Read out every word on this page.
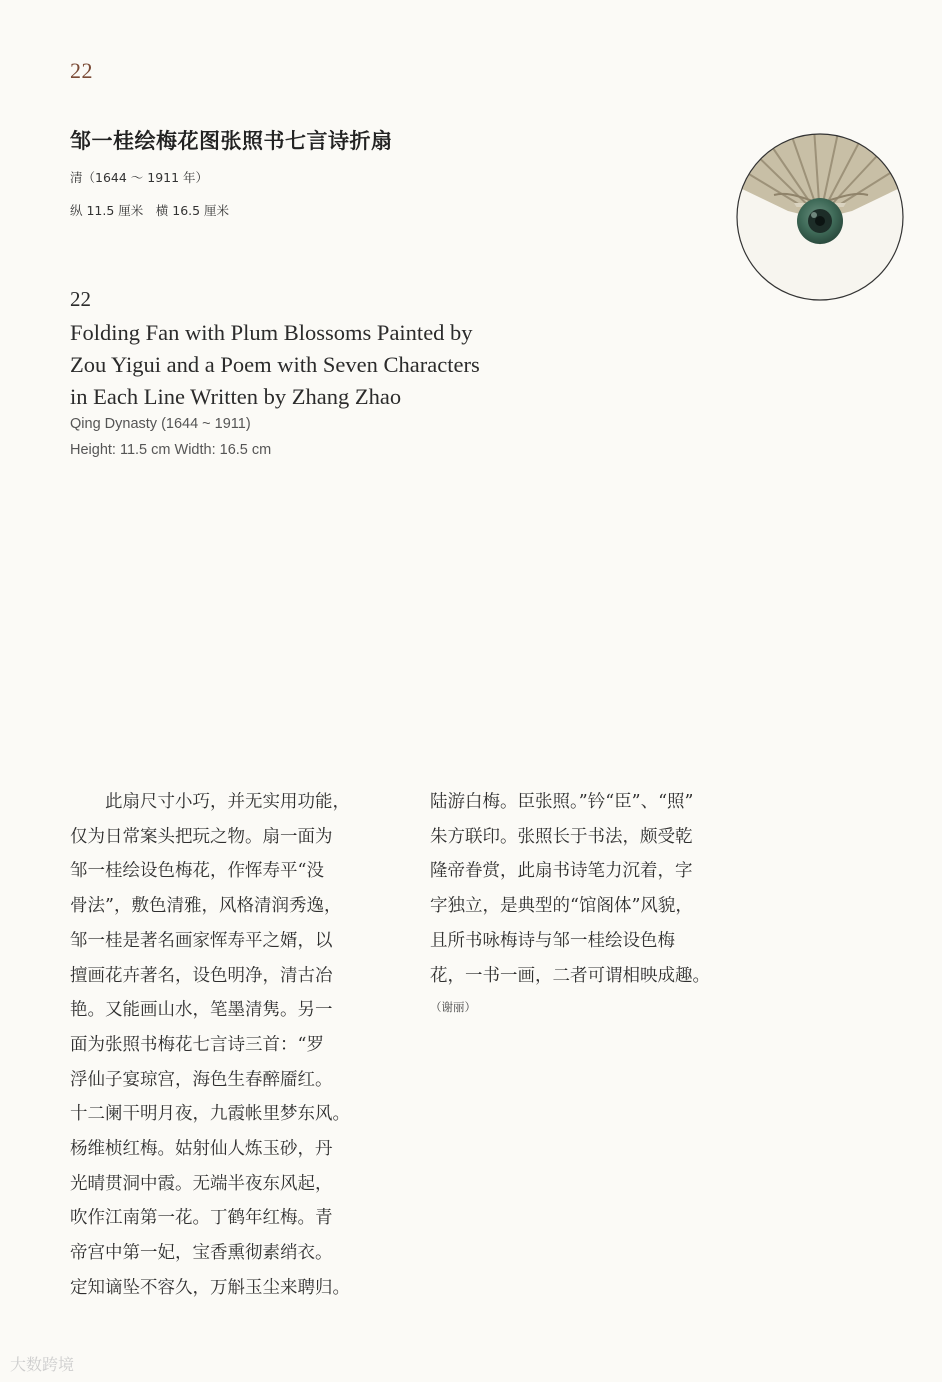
22
邹一桂绘梅花图张照书七言诗折扇
清（1644 ～ 1911 年）
纵 11.5 厘米　横 16.5 厘米
22
Folding Fan with Plum Blossoms Painted by
Zou Yigui and a Poem with Seven Characters
in Each Line Written by Zhang Zhao
Qing Dynasty (1644 ~ 1911)
Height: 11.5 cm Width: 16.5 cm
　　此扇尺寸小巧，并无实用功能，
仅为日常案头把玩之物。扇一面为
邹一桂绘设色梅花，作恽寿平“没
骨法”，敷色清雅，风格清润秀逸，
邹一桂是著名画家恽寿平之婿，以
擅画花卉著名，设色明净，清古冶
艳。又能画山水，笔墨清隽。另一
面为张照书梅花七言诗三首：“罗
浮仙子宴琼宫，海色生春醉靥红。
十二阑干明月夜，九霞帐里梦东风。
杨维桢红梅。姑射仙人炼玉砂，丹
光晴贯洞中霞。无端半夜东风起，
吹作江南第一花。丁鹤年红梅。青
帝宫中第一妃，宝香熏彻素绡衣。
定知谪坠不容久，万斛玉尘来聘归。
陆游白梅。臣张照。”钤“臣”、“照”
朱方联印。张照长于书法，颇受乾
隆帝眷赏，此扇书诗笔力沉着，字
字独立，是典型的“馆阁体”风貌，
且所书咏梅诗与邹一桂绘设色梅
花，一书一画，二者可谓相映成趣。
（谢丽）
大数跨境
